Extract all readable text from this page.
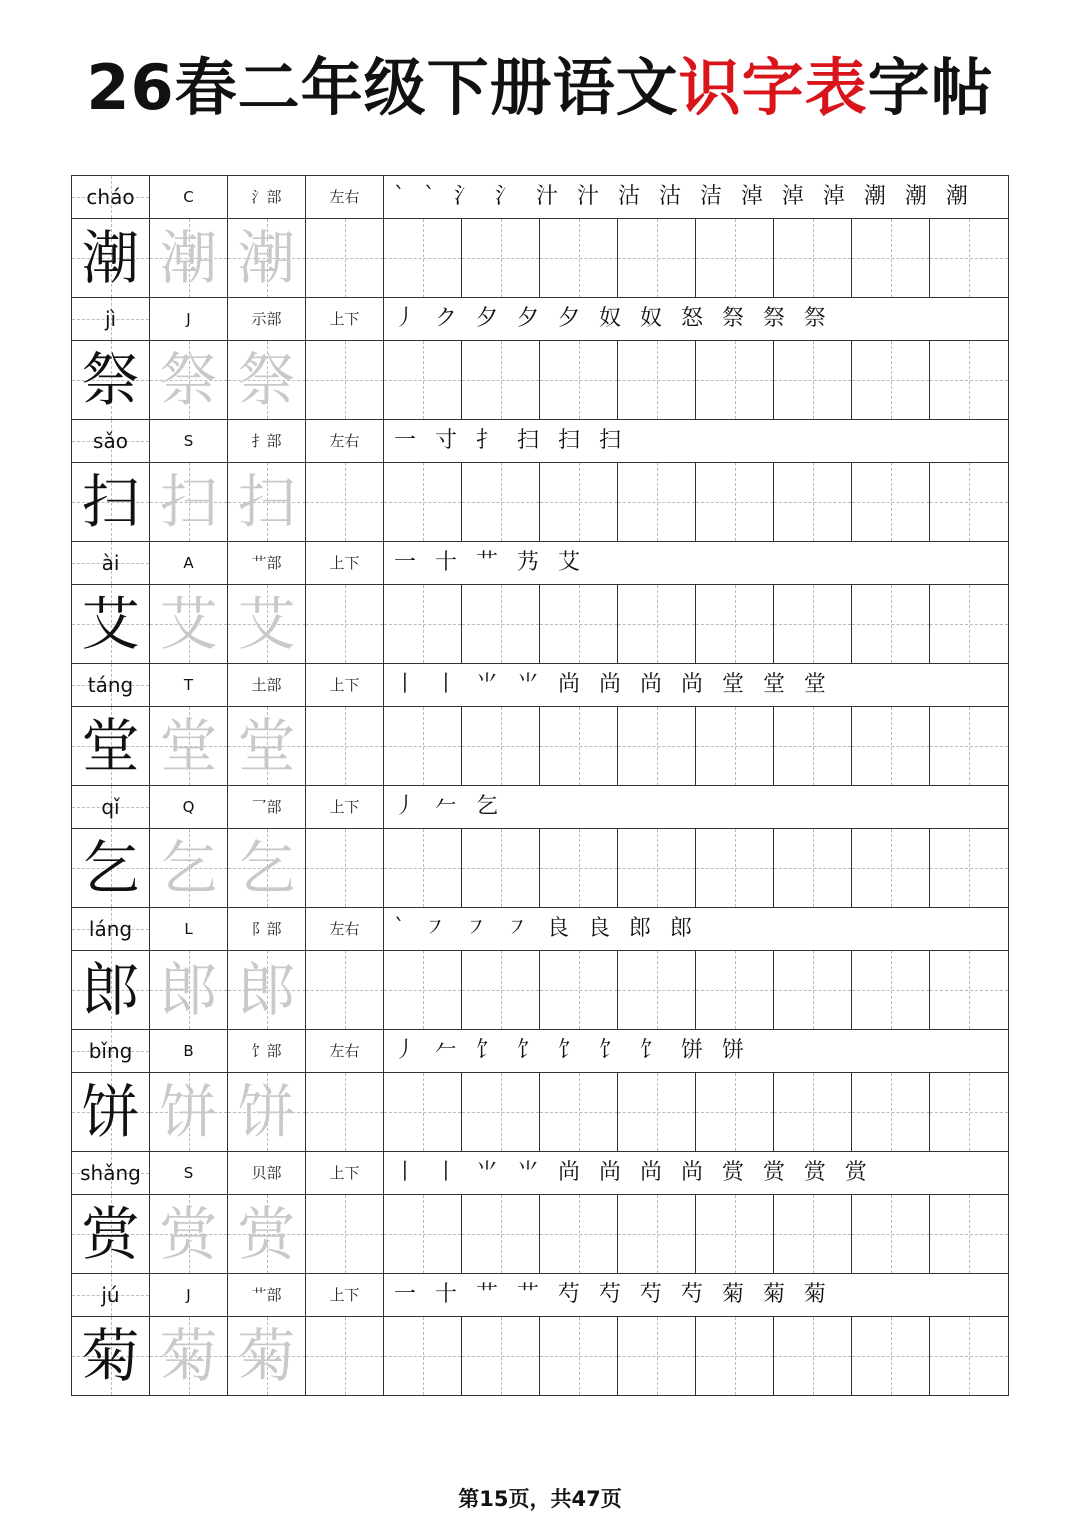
26春二年级下册语文识字表字帖
cháo	C	氵部	左右	` ` 氵 氵 汁 汁 沽 沽 洁 淖 淖 淖 潮 潮 潮
潮 潮 潮
jì	J	示部	上下	丿 ク 夕 夕 夕 奴 奴 怒 祭 祭 祭
祭 祭 祭
sǎo	S	扌部	左右	一 寸 扌 扫 扫 扫
扫 扫 扫
ài	A	艹部	上下	一 十 艹 艿 艾
艾 艾 艾
táng	T	土部	上下	丨 丨 ⺌ ⺌ 尚 尚 尚 尚 堂 堂 堂
堂 堂 堂
qǐ	Q	乛部	上下	丿 𠂉 乞
乞 乞 乞
láng	L	阝部	左右	` ㇇ ㇇ ㇇ 良 良 郎 郎
郎 郎 郎
bǐng	B	饣部	左右	丿 𠂉 饣 饣 饣 饣 饣 饼 饼
饼 饼 饼
shǎng	S	贝部	上下	丨 丨 ⺌ ⺌ 尚 尚 尚 尚 赏 赏 赏 赏
赏 赏 赏
jú	J	艹部	上下	一 十 艹 艹 芍 芍 芍 芍 菊 菊 菊
菊 菊 菊
第15页，共47页
